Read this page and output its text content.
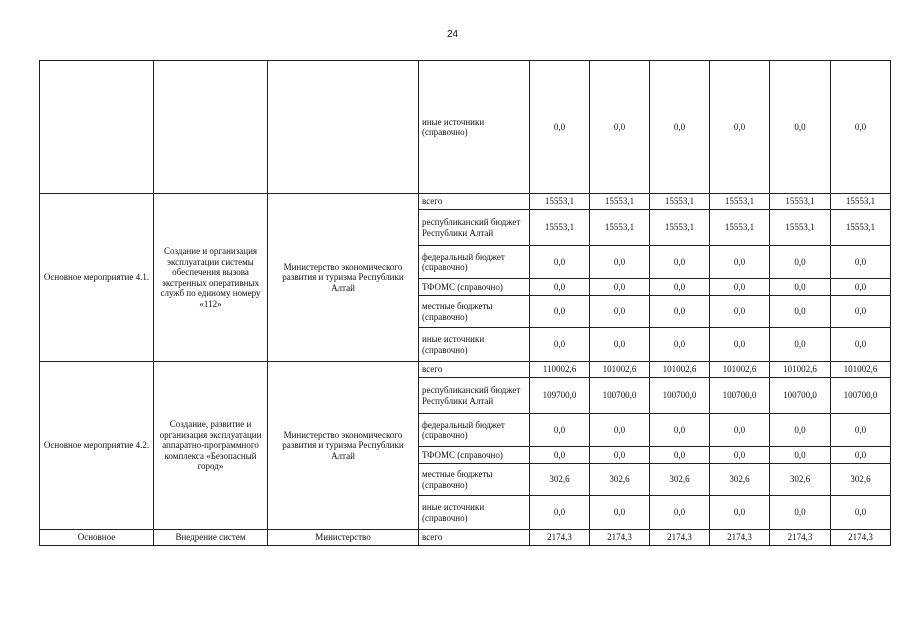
24
			иные источники (справочно)	0,0	0,0	0,0	0,0	0,0	0,0
Основное мероприятие 4.1.	Создание и организация эксплуатации системы обеспечения вызова экстренных оперативных служб по единому номеру «112»	Министерство экономического развития и туризма Республики Алтай	всего	15553,1	15553,1	15553,1	15553,1	15553,1	15553,1
			республиканский бюджет Республики Алтай	15553,1	15553,1	15553,1	15553,1	15553,1	15553,1
			федеральный бюджет (справочно)	0,0	0,0	0,0	0,0	0,0	0,0
			ТФОМС (справочно)	0,0	0,0	0,0	0,0	0,0	0,0
			местные бюджеты (справочно)	0,0	0,0	0,0	0,0	0,0	0,0
			иные источники (справочно)	0,0	0,0	0,0	0,0	0,0	0,0
Основное мероприятие 4.2.	Создание, развитие и организация эксплуатации аппаратно-программного комплекса «Безопасный город»	Министерство экономического развития и туризма Республики Алтай	всего	110002,6	101002,6	101002,6	101002,6	101002,6	101002,6
			республиканский бюджет Республики Алтай	109700,0	100700,0	100700,0	100700,0	100700,0	100700,0
			федеральный бюджет (справочно)	0,0	0,0	0,0	0,0	0,0	0,0
			ТФОМС (справочно)	0,0	0,0	0,0	0,0	0,0	0,0
			местные бюджеты (справочно)	302,6	302,6	302,6	302,6	302,6	302,6
			иные источники (справочно)	0,0	0,0	0,0	0,0	0,0	0,0
Основное	Внедрение систем	Министерство	всего	2174,3	2174,3	2174,3	2174,3	2174,3	2174,3
